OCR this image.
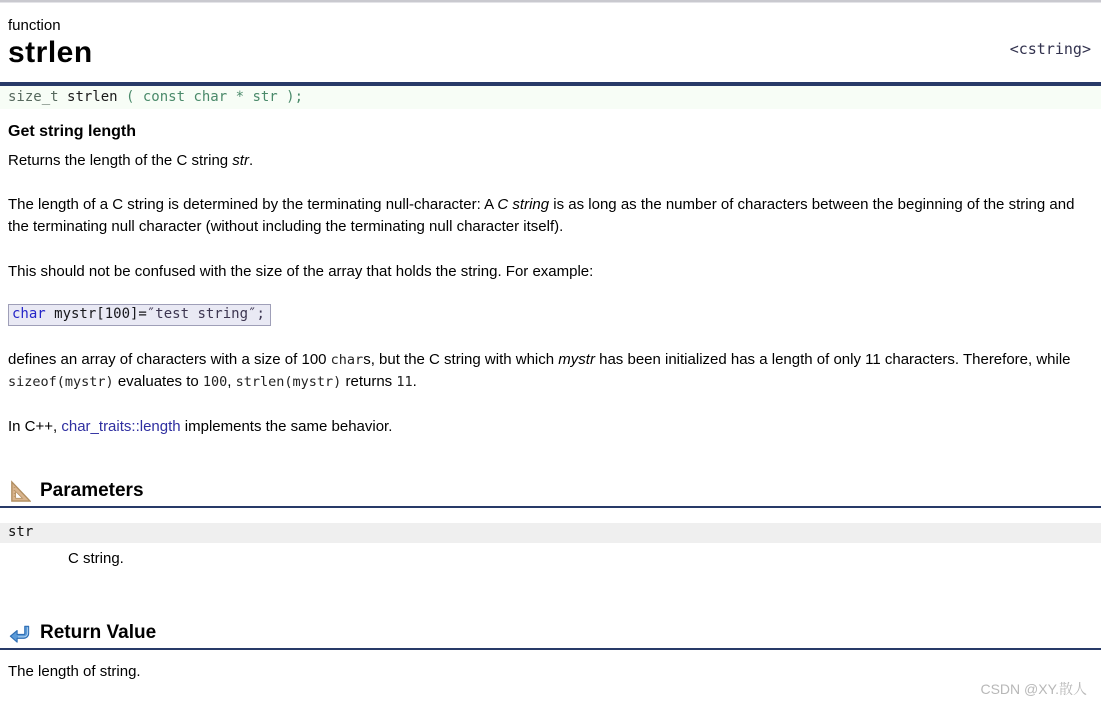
function
strlen	<cstring>
size_t strlen ( const char * str );
Get string length

Returns the length of the C string str.

The length of a C string is determined by the terminating null-character: A C string is as long as the number of characters between the beginning of the string and the terminating null character (without including the terminating null character itself).

This should not be confused with the size of the array that holds the string. For example:

char mystr[100]=″test string″;

defines an array of characters with a size of 100 chars, but the C string with which mystr has been initialized has a length of only 11 characters. Therefore, while sizeof(mystr) evaluates to 100, strlen(mystr) returns 11.

In C++, char_traits::length implements the same behavior.

Parameters
str

C string.

Return Value

The length of string.

CSDN @XY.散人
